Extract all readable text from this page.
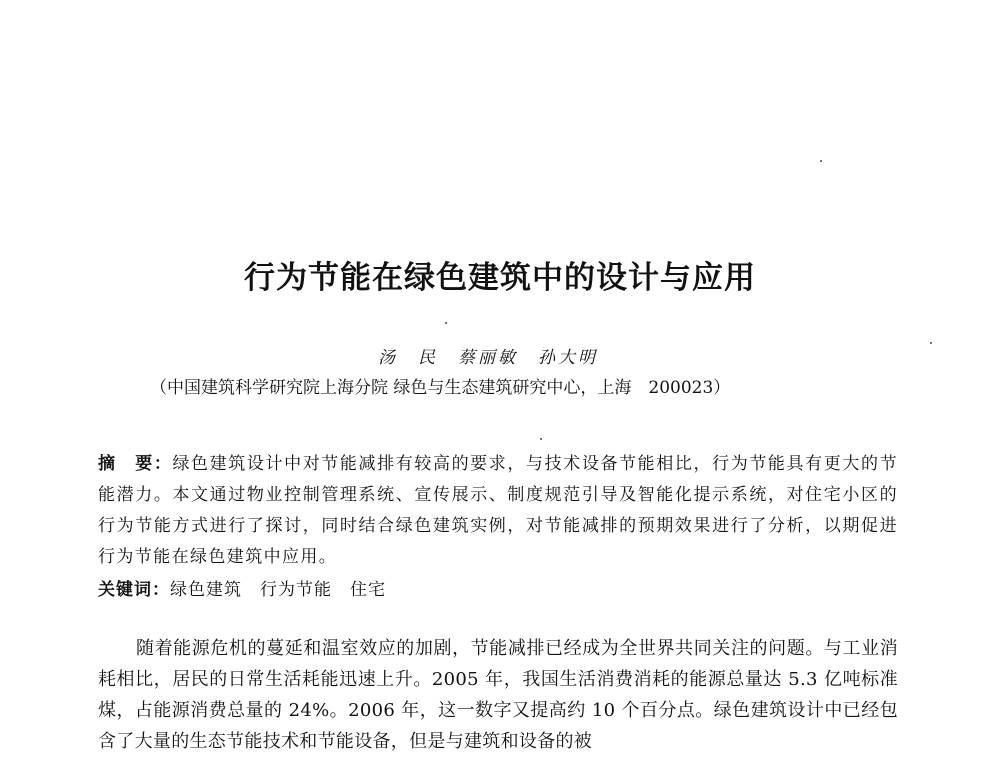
行为节能在绿色建筑中的设计与应用
汤　民　蔡丽敏　孙大明
（中国建筑科学研究院上海分院 绿色与生态建筑研究中心，上海　200023）

摘　要：绿色建筑设计中对节能减排有较高的要求，与技术设备节能相比，行为节能具有更大的节能潜力。本文通过物业控制管理系统、宣传展示、制度规范引导及智能化提示系统，对住宅小区的行为节能方式进行了探讨，同时结合绿色建筑实例，对节能减排的预期效果进行了分析，以期促进行为节能在绿色建筑中应用。

关键词：绿色建筑　行为节能　住宅

随着能源危机的蔓延和温室效应的加剧，节能减排已经成为全世界共同关注的问题。与工业消耗相比，居民的日常生活耗能迅速上升。2005 年，我国生活消费消耗的能源总量达 5.3 亿吨标准煤，占能源消费总量的 24%。2006 年，这一数字又提高约 10 个百分点。绿色建筑设计中已经包含了大量的生态节能技术和节能设备，但是与建筑和设备的被
